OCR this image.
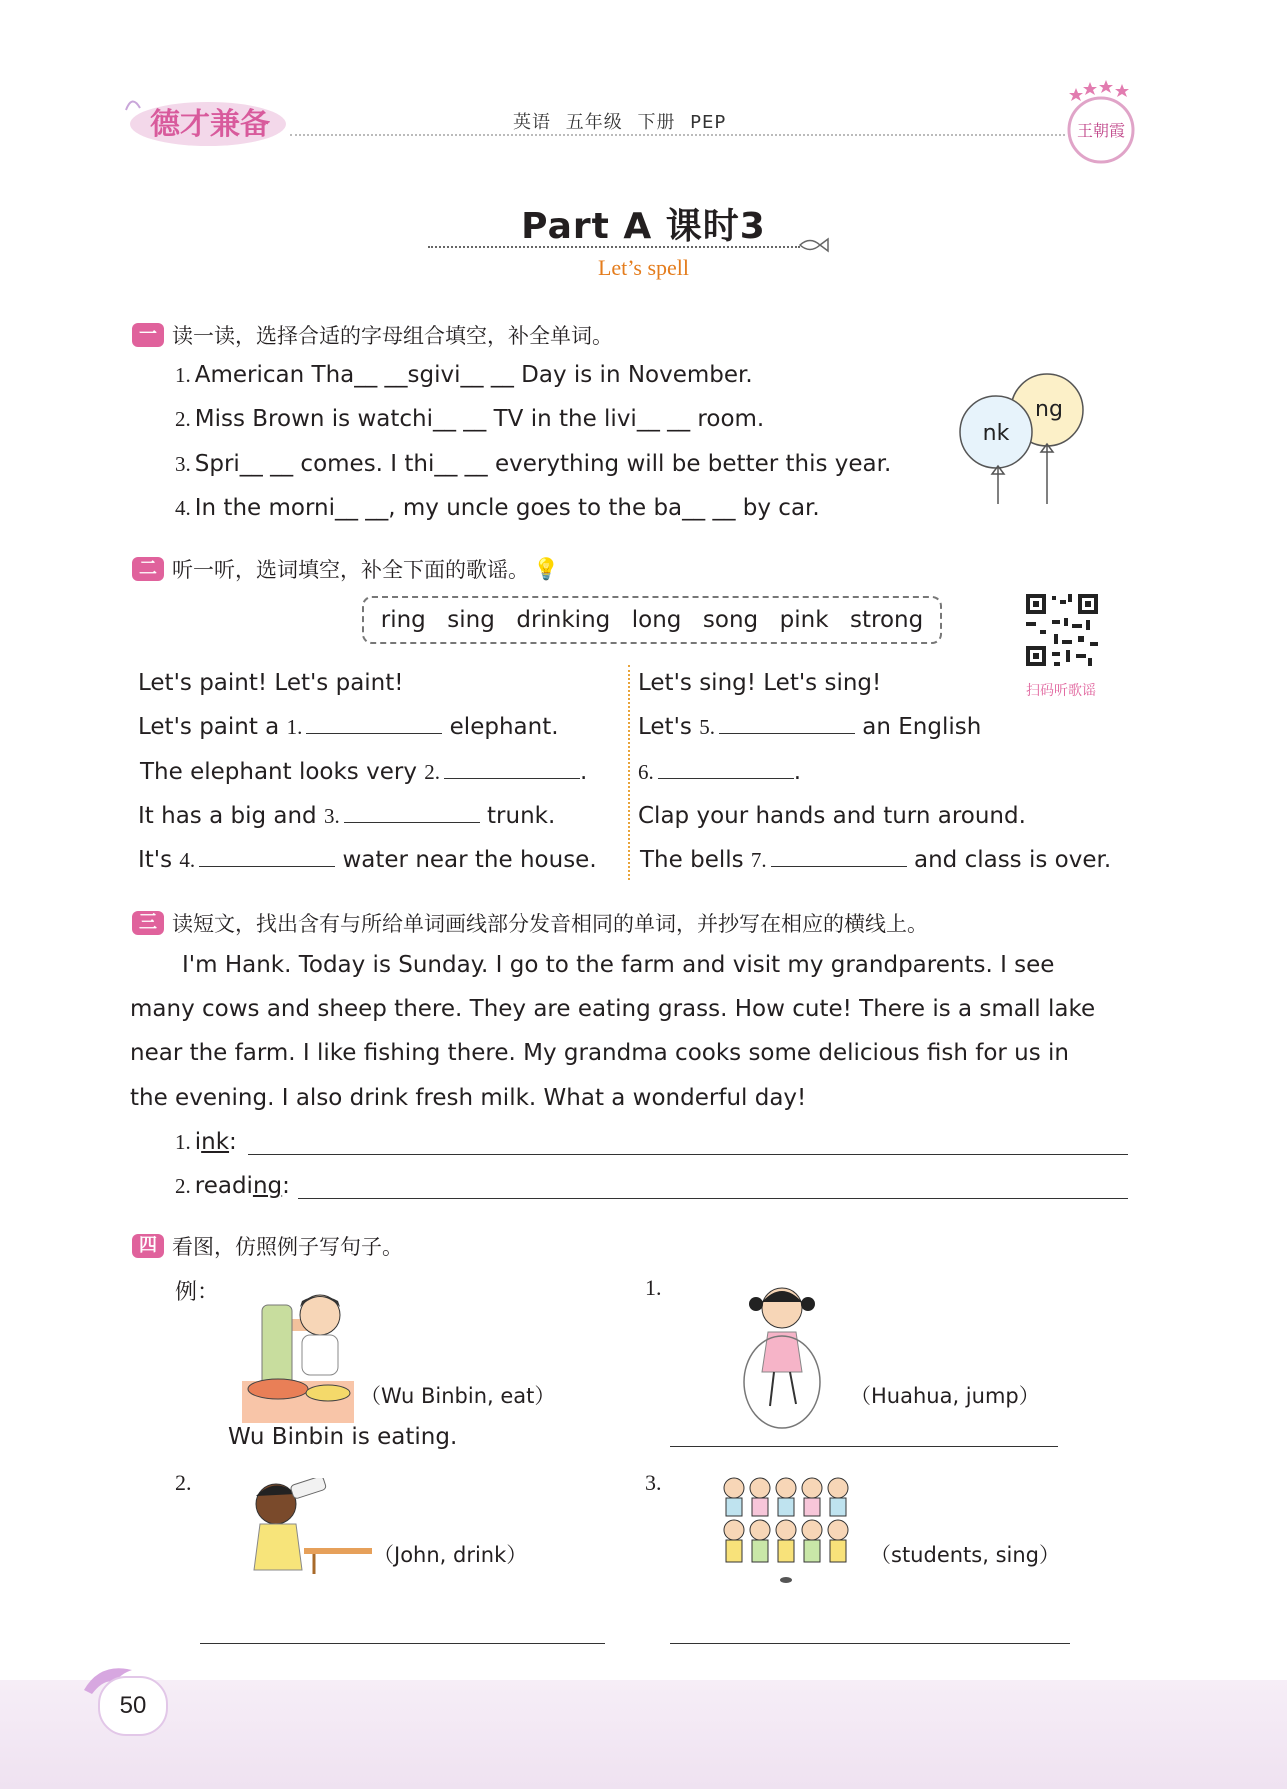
德才兼备	英语 五年级 下册 PEP	王朝霞
Part A 课时3
Let’s spell
一 读一读，选择合适的字母组合填空，补全单词。
1. American Tha__ __sgivi__ __ Day is in November.
2. Miss Brown is watchi__ __ TV in the livi__ __ room.
3. Spri__ __ comes. I thi__ __ everything will be better this year.
4. In the morni__ __, my uncle goes to the ba__ __ by car.
ng
nk
二 听一听，选词填空，补全下面的歌谣。 💡
ring sing drinking long song pink strong
扫码听歌谣
Let's paint! Let's paint!
Let's paint a 1.	elephant.
The elephant looks very 2.	.
It has a big and 3.	trunk.
It's 4.	water near the house.
Let's sing! Let's sing!
Let's 5.	an English
6.	.
Clap your hands and turn around.
The bells 7.	and class is over.
三 读短文，找出含有与所给单词画线部分发音相同的单词，并抄写在相应的横线上。
I'm Hank. Today is Sunday. I go to the farm and visit my grandparents. I see
many cows and sheep there. They are eating grass. How cute! There is a small lake
near the farm. I like fishing there. My grandma cooks some delicious fish for us in
the evening. I also drink fresh milk. What a wonderful day!
1. ink:
2. reading:
四 看图，仿照例子写句子。
例：
（Wu Binbin, eat）
Wu Binbin is eating.
1.
（Huahua, jump）
2.
（John, drink）
3.
（students, sing）
50
